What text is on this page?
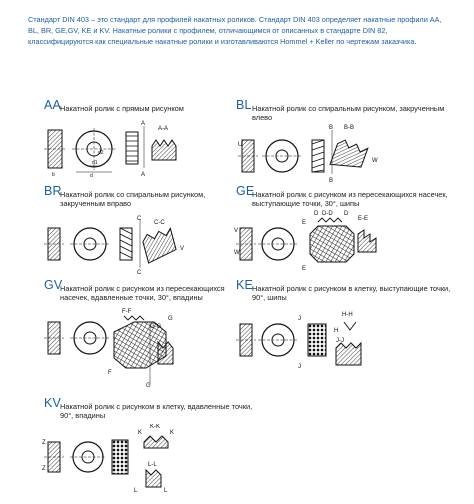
Стандарт DIN 403 – это стандарт для профилей накатных роликов. Стандарт DIN 403 определяет накатные профили AA, BL, BR, GE,GV, KE и KV. Накатные ролики с профилем, отличающимся от описанных в стандарте DIN 82, классифицируются как специальные накатные ролики и изготавливаются Hommel + Keller по чертежам заказчика.

AA
Накатной ролик с прямым рисунком
A
A
A-A
b
d1
d2
d
BL Накатной ролик со спиральным рисунком, закрученным влево
B
B
B-B
U
W
BR
Накатной ролик со спиральным рисунком, закрученным вправо
C
C
C-C
V
GE
Накатной ролик с рисунком из пересекающихся насечек, выступающие точки, 30°, шипы
E
E
D	D
D-D
E-E
V
W
GV
Накатной ролик с рисунком из пересекающихся насечек, вдавленные точки, 30°, впадины
G-G
G
G
F-F
F
KE
Накатной ролик с рисунком в клетку, выступающие точки, 90°, шипы
J
J
H
H-H
J-J
KV
Накатной ролик с рисунком в клетку, вдавленные точки, 90°, впадины
Z
Z
K	K
K-K
L-L
L	L
